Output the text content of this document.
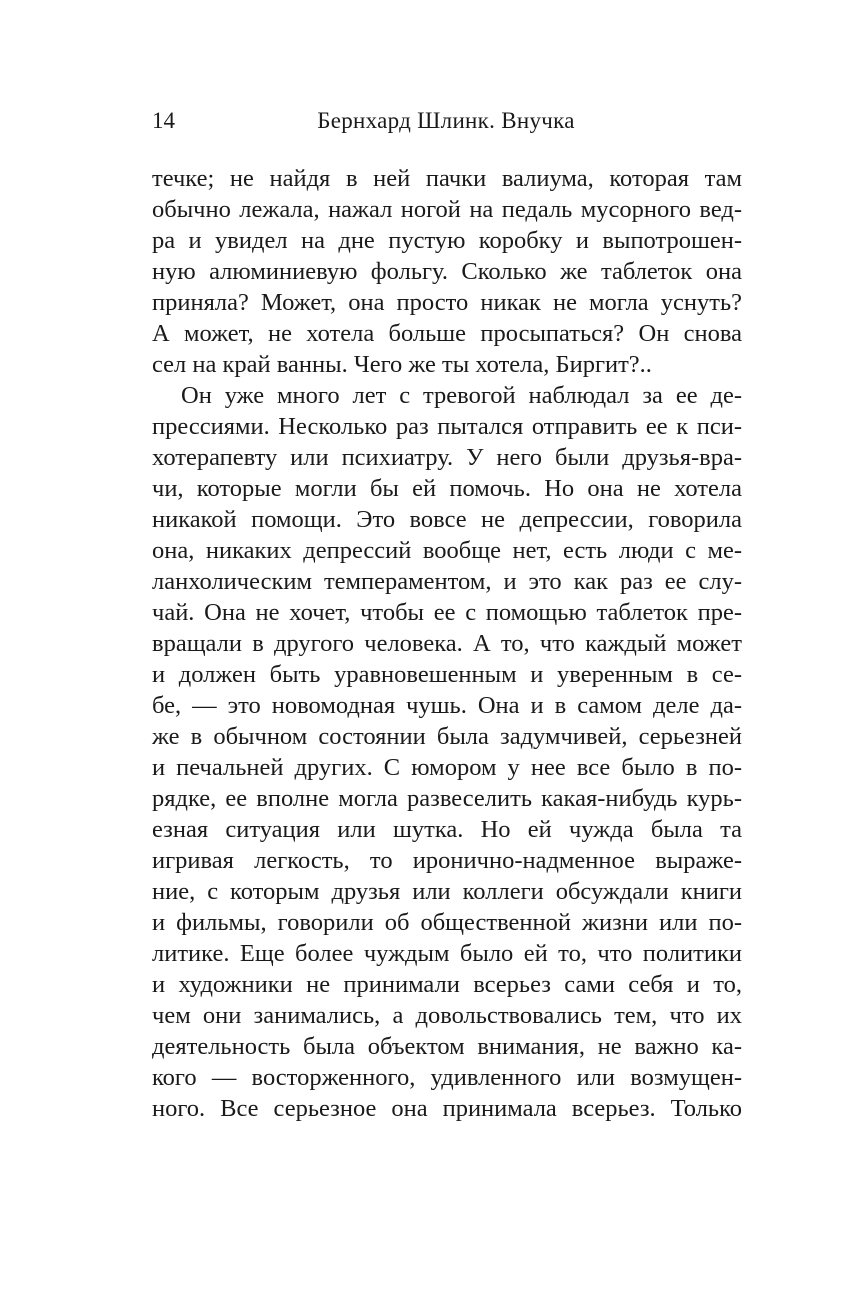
14	Бернхард Шлинк. Внучка
течке; не найдя в ней пачки валиума, которая там
обычно лежала, нажал ногой на педаль мусорного вед-
ра и увидел на дне пустую коробку и выпотрошен-
ную алюминиевую фольгу. Сколько же таблеток она
приняла? Может, она просто никак не могла уснуть?
А может, не хотела больше просыпаться? Он снова
сел на край ванны. Чего же ты хотела, Биргит?..
Он уже много лет с тревогой наблюдал за ее де-
прессиями. Несколько раз пытался отправить ее к пси-
хотерапевту или психиатру. У него были друзья-вра-
чи, которые могли бы ей помочь. Но она не хотела
никакой помощи. Это вовсе не депрессии, говорила
она, никаких депрессий вообще нет, есть люди с ме-
ланхолическим темпераментом, и это как раз ее слу-
чай. Она не хочет, чтобы ее с помощью таблеток пре-
вращали в другого человека. А то, что каждый может
и должен быть уравновешенным и уверенным в се-
бе, — это новомодная чушь. Она и в самом деле да-
же в обычном состоянии была задумчивей, серьезней
и печальней других. С юмором у нее все было в по-
рядке, ее вполне могла развеселить какая-нибудь курь-
езная ситуация или шутка. Но ей чужда была та
игривая легкость, то иронично-надменное выраже-
ние, с которым друзья или коллеги обсуждали книги
и фильмы, говорили об общественной жизни или по-
литике. Еще более чуждым было ей то, что политики
и художники не принимали всерьез сами себя и то,
чем они занимались, а довольствовались тем, что их
деятельность была объектом внимания, не важно ка-
кого — восторженного, удивленного или возмущен-
ного. Все серьезное она принимала всерьез. Только
